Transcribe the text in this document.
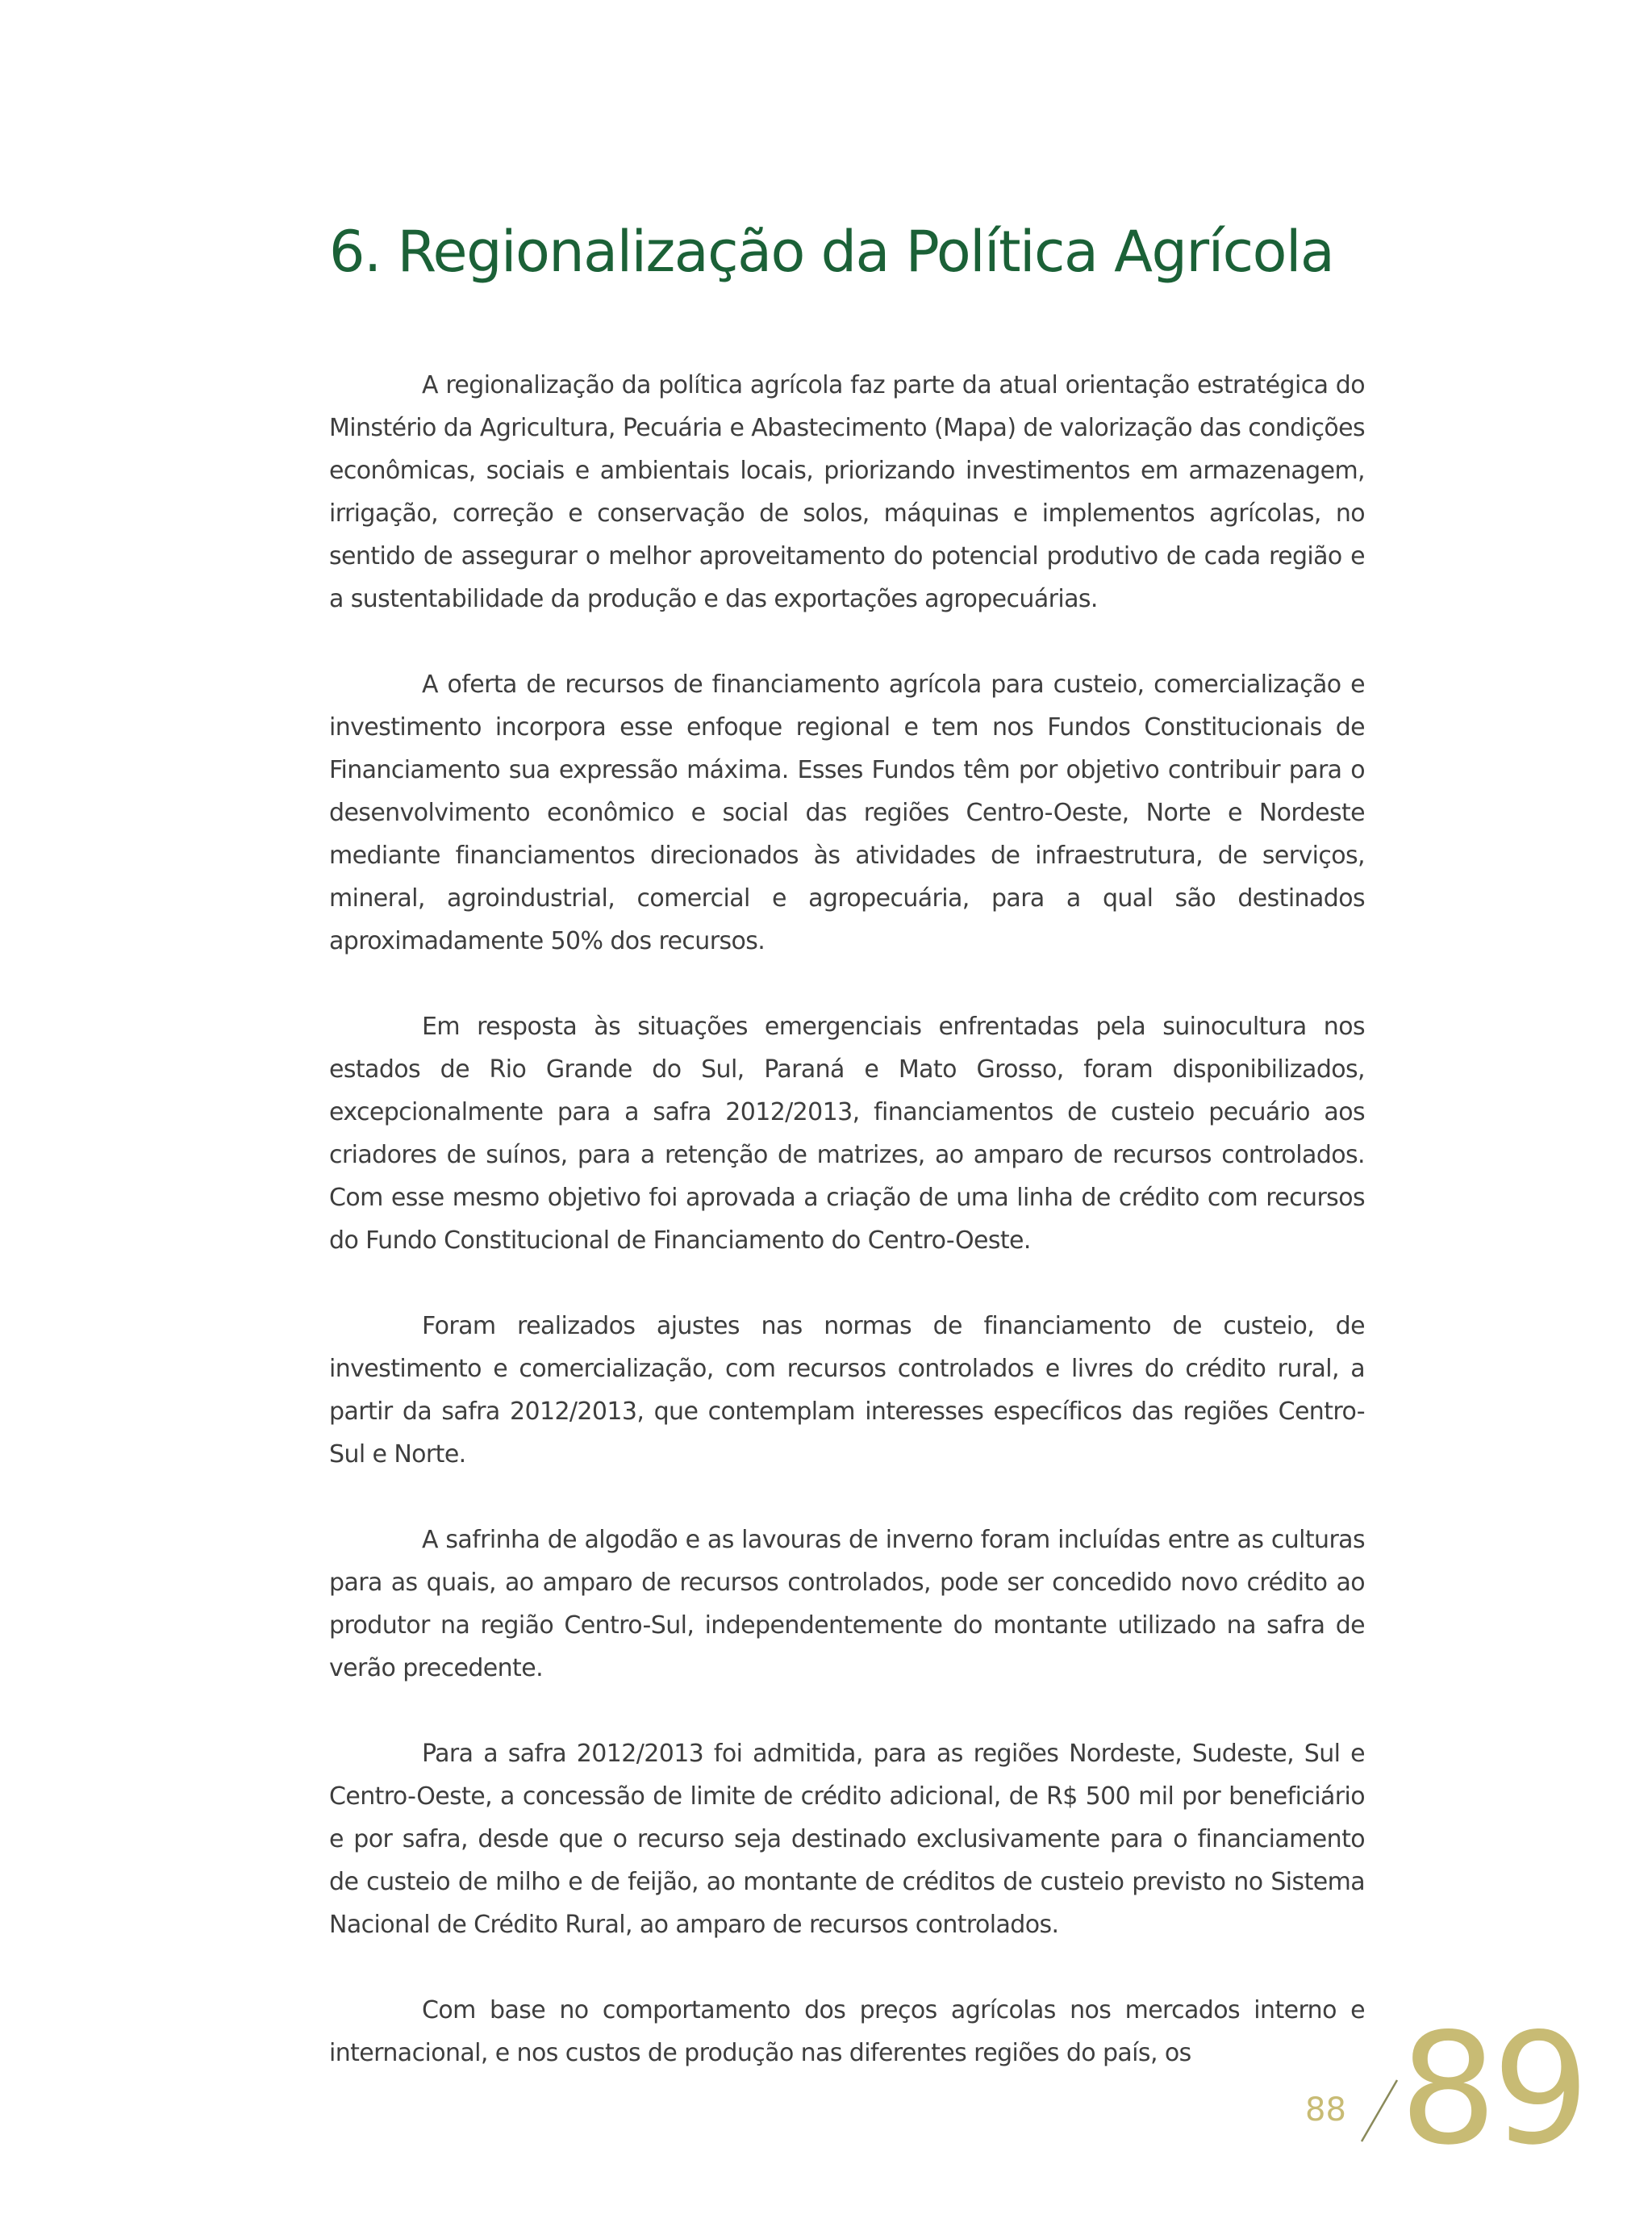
6. Regionalização da Política Agrícola

A regionalização da política agrícola faz parte da atual orientação estratégica do Minstério da Agricultura, Pecuária e Abastecimento (Mapa) de valorização das condições econômicas, sociais e ambientais locais, priorizando investimentos em armazenagem, irrigação, correção e conservação de solos, máquinas e implementos agrícolas, no sentido de assegurar o melhor aproveitamento do potencial produtivo de cada região e a sustentabilidade da produção e das exportações agropecuárias.

A oferta de recursos de financiamento agrícola para custeio, comercialização e investimento incorpora esse enfoque regional e tem nos Fundos Constitucionais de Financiamento sua expressão máxima. Esses Fundos têm por objetivo contribuir para o desenvolvimento econômico e social das regiões Centro-Oeste, Norte e Nordeste mediante financiamentos direcionados às atividades de infraestrutura, de serviços, mineral, agroindustrial, comercial e agropecuária, para a qual são destinados aproximadamente 50% dos recursos.

Em resposta às situações emergenciais enfrentadas pela suinocultura nos estados de Rio Grande do Sul, Paraná e Mato Grosso, foram disponibilizados, excepcionalmente para a safra 2012/2013, financiamentos de custeio pecuário aos criadores de suínos, para a retenção de matrizes, ao amparo de recursos controlados. Com esse mesmo objetivo foi aprovada a criação de uma linha de crédito com recursos do Fundo Constitucional de Financiamento do Centro-Oeste.

Foram realizados ajustes nas normas de financiamento de custeio, de investimento e comercialização, com recursos controlados e livres do crédito rural, a partir da safra 2012/2013, que contemplam interesses específicos das regiões Centro-Sul e Norte.

A safrinha de algodão e as lavouras de inverno foram incluídas entre as culturas para as quais, ao amparo de recursos controlados, pode ser concedido novo crédito ao produtor na região Centro-Sul, independentemente do montante utilizado na safra de verão precedente.

Para a safra 2012/2013 foi admitida, para as regiões Nordeste, Sudeste, Sul e Centro-Oeste, a concessão de limite de crédito adicional, de R$ 500 mil por beneficiário e por safra, desde que o recurso seja destinado exclusivamente para o financiamento de custeio de milho e de feijão, ao montante de créditos de custeio previsto no Sistema Nacional de Crédito Rural, ao amparo de recursos controlados.

Com base no comportamento dos preços agrícolas nos mercados interno e internacional, e nos custos de produção nas diferentes regiões do país, os

88 89
